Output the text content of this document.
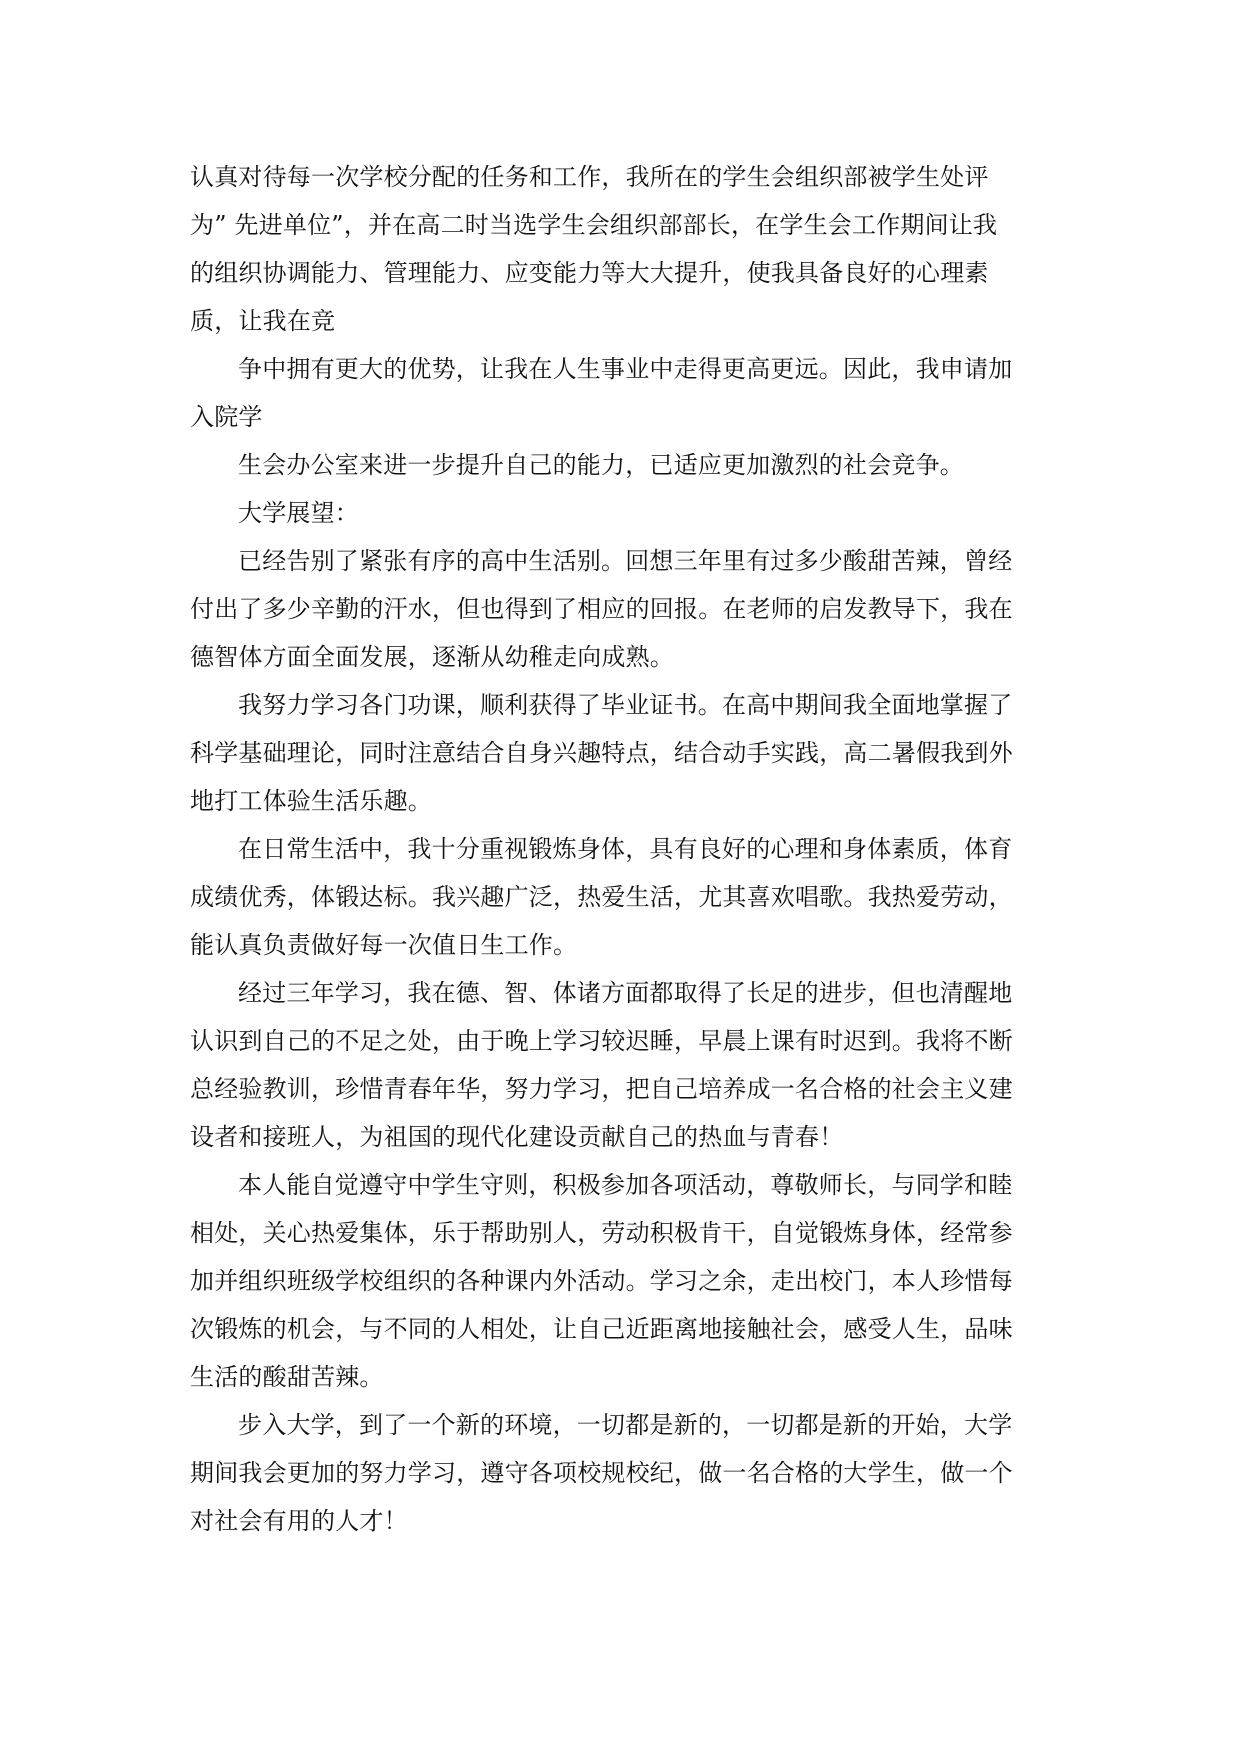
认真对待每一次学校分配的任务和工作，我所在的学生会组织部被学生处评
为” 先进单位”，并在高二时当选学生会组织部部长，在学生会工作期间让我
的组织协调能力、管理能力、应变能力等大大提升，使我具备良好的心理素
质，让我在竞
争中拥有更大的优势，让我在人生事业中走得更高更远。因此，我申请加
入院学
生会办公室来进一步提升自己的能力，已适应更加激烈的社会竞争。
大学展望：
已经告别了紧张有序的高中生活别。回想三年里有过多少酸甜苦辣，曾经
付出了多少辛勤的汗水，但也得到了相应的回报。在老师的启发教导下，我在
德智体方面全面发展，逐渐从幼稚走向成熟。
我努力学习各门功课，顺利获得了毕业证书。在高中期间我全面地掌握了
科学基础理论，同时注意结合自身兴趣特点，结合动手实践，高二暑假我到外
地打工体验生活乐趣。
在日常生活中，我十分重视锻炼身体，具有良好的心理和身体素质，体育
成绩优秀，体锻达标。我兴趣广泛，热爱生活，尤其喜欢唱歌。我热爱劳动，
能认真负责做好每一次值日生工作。
经过三年学习，我在德、智、体诸方面都取得了长足的进步，但也清醒地
认识到自己的不足之处，由于晚上学习较迟睡，早晨上课有时迟到。我将不断
总经验教训，珍惜青春年华，努力学习，把自己培养成一名合格的社会主义建
设者和接班人，为祖国的现代化建设贡献自己的热血与青春！
本人能自觉遵守中学生守则，积极参加各项活动，尊敬师长，与同学和睦
相处，关心热爱集体，乐于帮助别人，劳动积极肯干，自觉锻炼身体，经常参
加并组织班级学校组织的各种课内外活动。学习之余，走出校门，本人珍惜每
次锻炼的机会，与不同的人相处，让自己近距离地接触社会，感受人生，品味
生活的酸甜苦辣。
步入大学，到了一个新的环境，一切都是新的，一切都是新的开始，大学
期间我会更加的努力学习，遵守各项校规校纪，做一名合格的大学生，做一个
对社会有用的人才！
